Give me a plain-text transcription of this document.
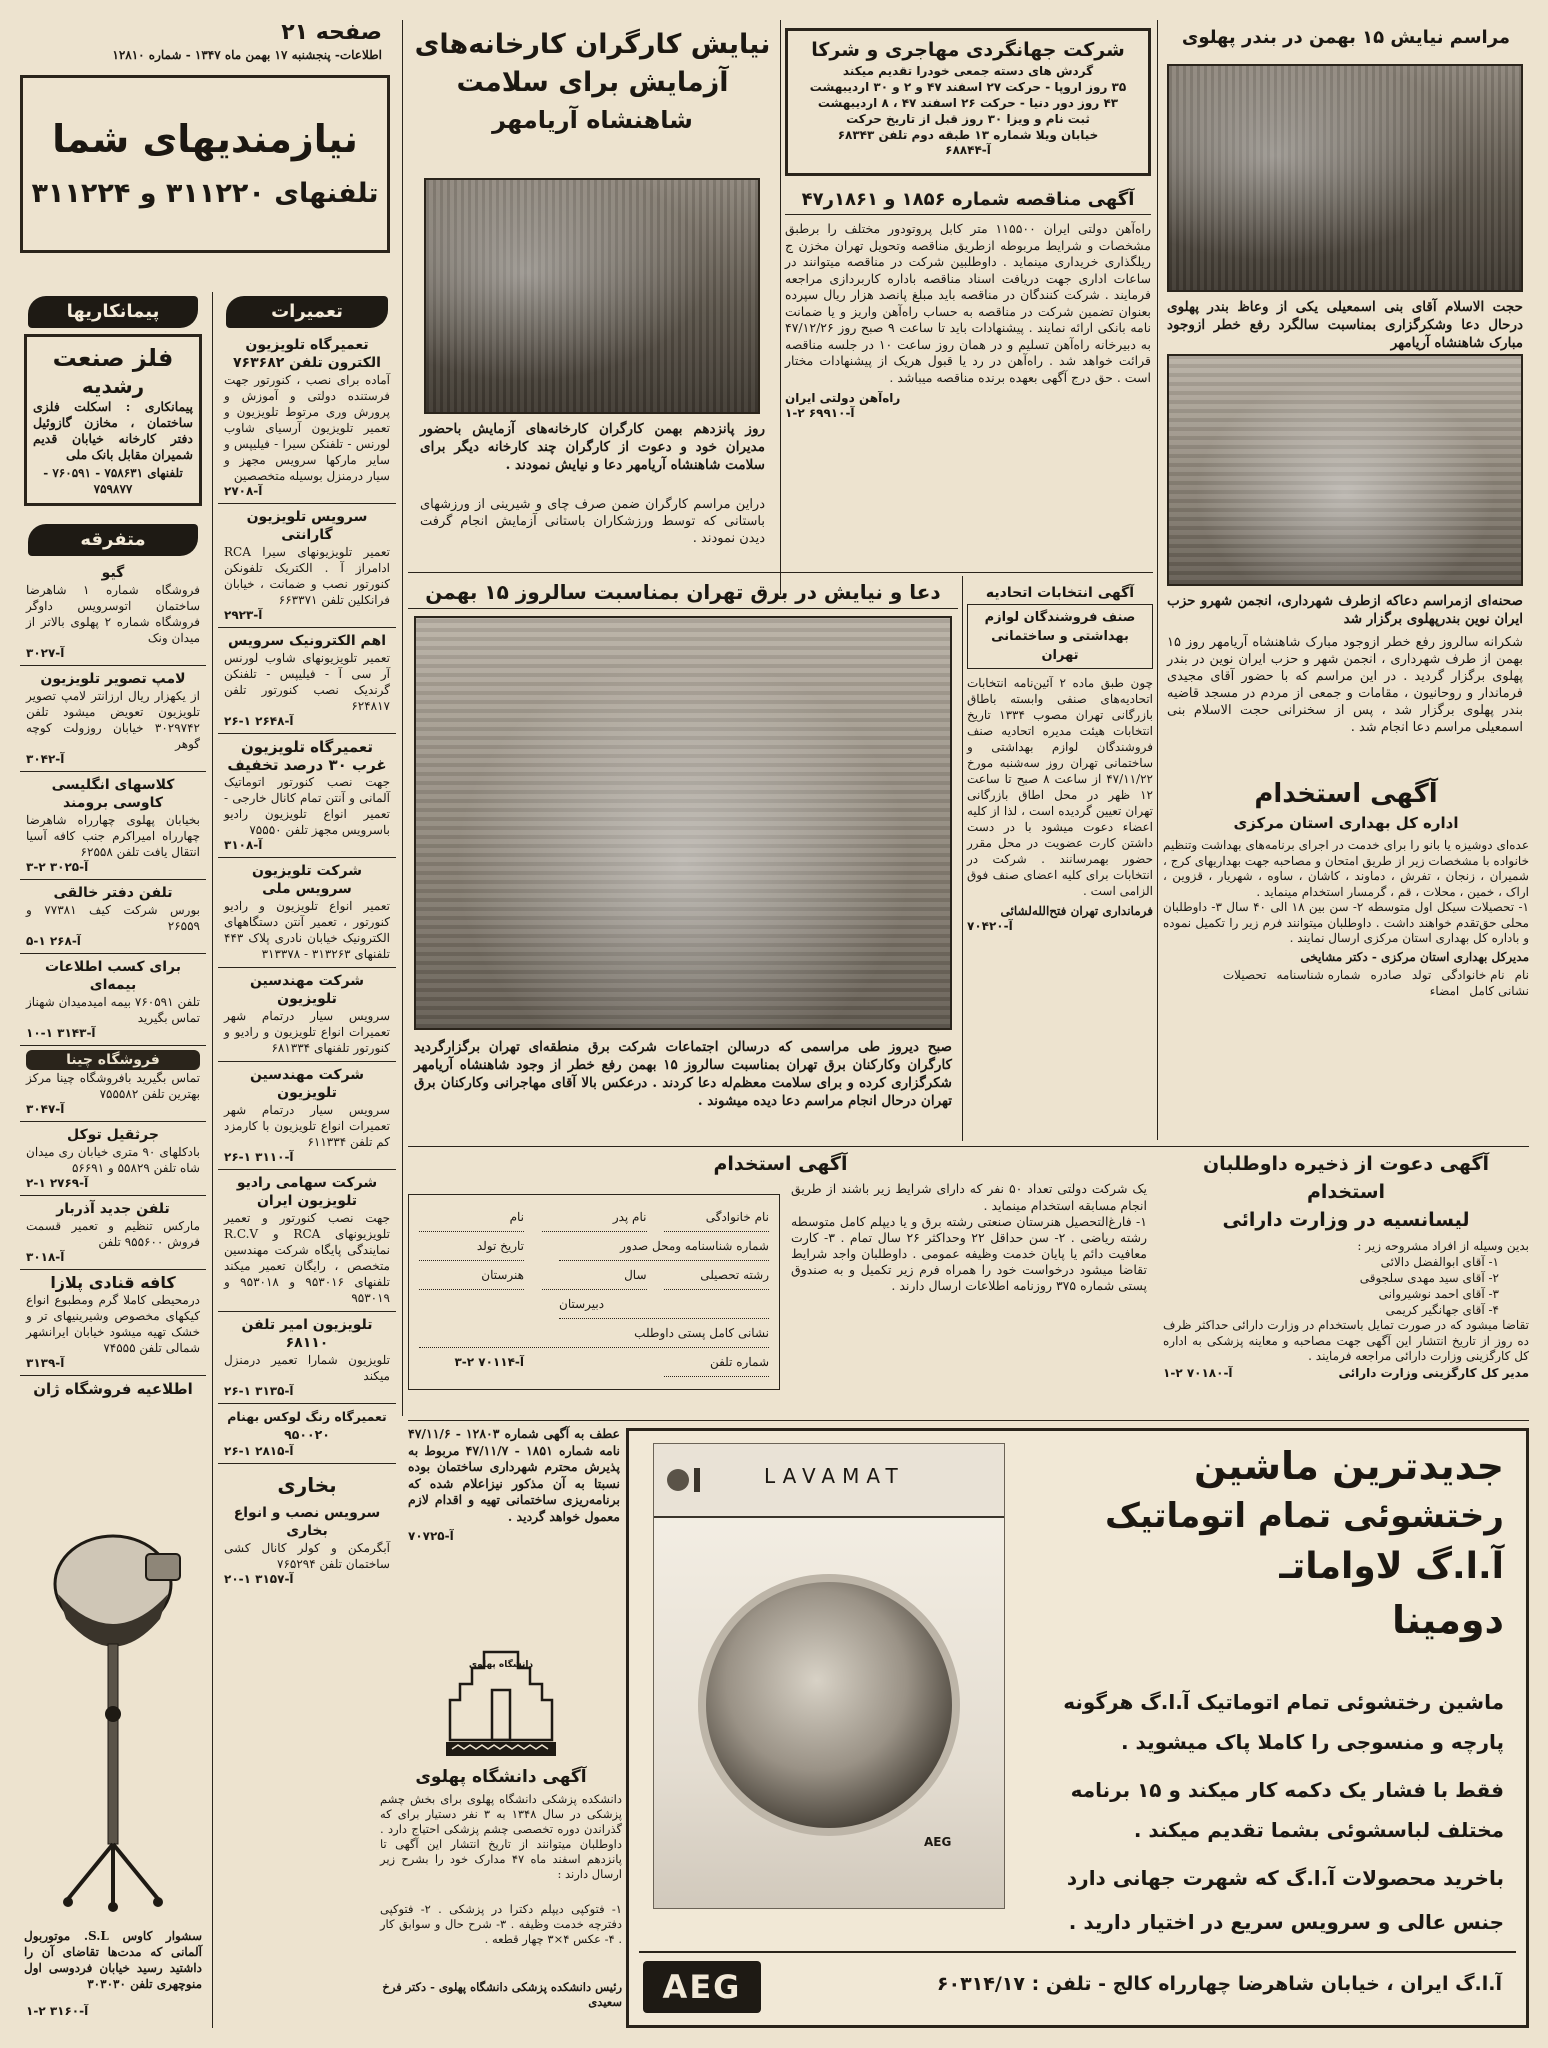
صفحه ۲۱
اطلاعات- پنجشنبه ۱۷ بهمن ماه ۱۳۴۷ - شماره ۱۲۸۱۰
نیازمندیهای شما
تلفنهای ۳۱۱۲۲۰ و ۳۱۱۲۲۴
پیمانکاریها
فلز صنعت
رشدیه
پیمانکاری : اسکلت فلزی ساختمان ، مخازن گازوئیل دفتر کارخانه خیابان قدیم شمیران مقابل بانک ملی
تلفنهای ۷۵۸۶۳۱ - ۷۶۰۵۹۱ - ۷۵۹۸۷۷
متفرقه
گیو
فروشگاه شماره ۱ شاهرضا ساختمان اتوسرویس داوگر فروشگاه شماره ۲ پهلوی بالاتر از میدان ونک
آ-۳۰۲۷
لامپ تصویر تلویزیون
از یکهزار ریال ارزانتر لامپ تصویر تلویزیون تعویض میشود تلفن ۳۰۲۹۷۴۲ خیابان روزولت کوچه گوهر
آ-۳۰۴۲
کلاسهای انگلیسی کاوسی برومند
بخیابان پهلوی چهارراه شاهرضا چهارراه امیراکرم جنب کافه آسیا انتقال یافت تلفن ۶۲۵۵۸
آ-۳۰۲۵ ۲-۳
تلفن دفتر خالقی
بورس شرکت کیف ۷۷۳۸۱ و ۲۶۵۵۹
آ-۲۶۸ ۱-۵
برای کسب اطلاعات بیمه‌ای
تلفن ۷۶۰۵۹۱ بیمه امیدمیدان شهناز تماس بگیرید
آ-۳۱۴۳ ۱-۱۰
فروشگاه چینا
تماس بگیرید بافروشگاه چینا مرکز بهترین تلفن ۷۵۵۵۸۲
آ-۳۰۴۷
جرثقیل توکل
بادکلهای ۹۰ متری خیابان ری میدان شاه تلفن ۵۵۸۲۹ و ۵۶۶۹۱
آ-۲۷۶۹ ۱-۲
تلفن جدید آذربار
مارکس تنظیم و تعمیر قسمت فروش ۹۵۵۶۰۰ تلفن
آ-۳۰۱۸
کافه قنادی پلازا
درمحیطی کاملا گرم ومطبوع انواع کیکهای مخصوص وشیرینیهای تر و خشک تهیه میشود خیابان ایرانشهر شمالی تلفن ۷۴۵۵۵
آ-۳۱۳۹
اطلاعیه فروشگاه ژان
سشوار کاوس S.L. موتوربول آلمانی که مدت‌ها تقاضای آن را داشتید رسید خیابان فردوسی اول منوچهری تلفن ۳۰۳۰۳۰
آ-۳۱۶۰ ۲-۱
تعمیرات
تعمیرگاه تلویزیون الکترون تلفن ۷۶۳۶۸۲
آماده برای نصب ، کنورتور جهت فرستنده دولتی و آموزش و پرورش وری مرتوط تلویزیون و تعمیر تلویزیون آرسیای شاوب لورنس - تلفنکن سیرا - فیلیپس و سایر مارکها سرویس مجهز و سیار درمنزل بوسیله متخصصین
آ-۲۷۰۸
سرویس تلویزیون گارانتی
تعمیر تلویزیونهای سیرا RCA ادامراز آ . الکتریک تلفونکن کنورتور نصب و ضمانت ، خیابان فرانکلین تلفن ۶۶۳۳۷۱
آ-۲۹۲۳
اهم الکترونیک سرویس
تعمیر تلویزیونهای شاوب لورنس آر سی آ - فیلیپس - تلفنکن گرندیک نصب کنورتور تلفن ۶۲۴۸۱۷
آ-۲۶۴۸ ۱-۲۶
تعمیرگاه تلویزیون غرب ۳۰ درصد تخفیف
جهت نصب کنورتور اتوماتیک آلمانی و آنتن تمام کانال خارجی - تعمیر انواع تلویزیون رادیو باسرویس مجهز تلفن ۷۵۵۵۰
آ-۳۱۰۸
شرکت تلویزیون سرویس ملی
تعمیر انواع تلویزیون و رادیو کنورتور ، تعمیر آنتن دستگاههای الکترونیک خیابان نادری پلاک ۴۴۳ تلفنهای ۳۱۳۲۶۳ - ۳۱۳۳۷۸
شرکت مهندسین تلویزیون
سرویس سیار درتمام شهر تعمیرات انواع تلویزیون و رادیو و کنورتور تلفنهای ۶۸۱۳۳۴
شرکت مهندسین تلویزیون
سرویس سیار درتمام شهر تعمیرات انواع تلویزیون با کارمزد کم تلفن ۶۱۱۳۳۴
آ-۳۱۱۰ ۱-۲۶
شرکت سهامی رادیو تلویزیون ایران
جهت نصب کنورتور و تعمیر تلویزیونهای RCA و R.C.V نمایندگی پایگاه شرکت مهندسین متخصص ، رایگان تعمیر میکند تلفنهای ۹۵۳۰۱۶ و ۹۵۳۰۱۸ و ۹۵۳۰۱۹
تلویزیون امیر تلفن ۶۸۱۱۰
تلویزیون شمارا تعمیر درمنزل میکند
آ-۳۱۳۵ ۱-۲۶
تعمیرگاه رنگ لوکس بهنام ۹۵۰۰۲۰
آ-۲۸۱۵ ۱-۲۶
بخاری
سرویس نصب و انواع بخاری
آبگرمکن و کولر کانال کشی ساختمان تلفن ۷۶۵۲۹۴
آ-۳۱۵۷ ۱-۲۰
نیایش کارگران کارخانه‌های
آزمایش برای سلامت
شاهنشاه آریامهر
روز پانزدهم بهمن کارگران کارخانه‌های آزمایش باحضور مدیران خود و دعوت از کارگران چند کارخانه دیگر برای سلامت شاهنشاه آریامهر دعا و نیایش نمودند .
دراین مراسم کارگران ضمن صرف چای و شیرینی از ورزشهای باستانی که توسط ورزشکاران باستانی آزمایش انجام گرفت دیدن نمودند .
شرکت جهانگردی مهاجری و شرکا
گردش های دسته جمعی خودرا تقدیم میکند
۳۵ روز اروپا - حرکت ۲۷ اسفند ۴۷ و ۲ و ۳۰ اردیبهشت
۴۳ روز دور دنیا - حرکت ۲۶ اسفند ۴۷ ، ۸ اردیبهشت
ثبت نام و ویزا ۳۰ روز قبل از تاریخ حرکت
خیابان ویلا شماره ۱۳ طبقه دوم تلفن ۶۸۳۴۳
آ-۶۸۸۴۴
آگهی مناقصه شماره ۱۸۵۶ و ۱۸۶۱ر۴۷
راه‌آهن دولتی ایران ۱۱۵۵۰۰ متر کابل پروتودور مختلف را برطبق مشخصات و شرایط مربوطه ازطریق مناقصه وتحویل تهران مخزن ج ریلگذاری خریداری مینماید . داوطلبین شرکت در مناقصه میتوانند در ساعات اداری جهت دریافت اسناد مناقصه باداره کاربردازی مراجعه فرمایند . شرکت کنندگان در مناقصه باید مبلغ پانصد هزار ریال سپرده بعنوان تضمین شرکت در مناقصه به حساب راه‌آهن واریز و یا ضمانت نامه بانکی ارائه نمایند . پیشنهادات باید تا ساعت ۹ صبح روز ۴۷/۱۲/۲۶ به دبیرخانه راه‌آهن تسلیم و در همان روز ساعت ۱۰ در جلسه مناقصه قرائت خواهد شد . راه‌آهن در رد یا قبول هریک از پیشنهادات مختار است . حق درج آگهی بعهده برنده مناقصه میباشد .
راه‌آهن دولتی ایران
آ-۶۹۹۱۰ ۲-۱
مراسم نیایش ۱۵ بهمن در بندر پهلوی
حجت الاسلام آقای بنی اسمعیلی یکی از وعاظ بندر پهلوی درحال دعا وشکرگزاری بمناسبت سالگرد رفع خطر ازوجود مبارک شاهنشاه آریامهر
صحنه‌ای ازمراسم دعاکه ازطرف شهرداری، انجمن شهرو حزب ایران نوین بندرپهلوی برگزار شد
شکرانه سالروز رفع خطر ازوجود مبارک شاهنشاه آریامهر روز ۱۵ بهمن از طرف شهرداری ، انجمن شهر و حزب ایران نوین در بندر پهلوی برگزار گردید . در این مراسم که با حضور آقای مجیدی فرماندار و روحانیون ، مقامات و جمعی از مردم در مسجد قاضیه بندر پهلوی برگزار شد ، پس از سخنرانی حجت الاسلام بنی اسمعیلی مراسم دعا انجام شد .
دعا و نیایش در برق تهران بمناسبت سالروز ۱۵ بهمن
صبح دیروز طی مراسمی که درسالن اجتماعات شرکت برق منطقه‌ای تهران برگزارگردید کارگران وکارکنان برق تهران بمناسبت سالروز ۱۵ بهمن رفع خطر از وجود شاهنشاه آریامهر شکرگزاری کرده و برای سلامت معظم‌له دعا کردند . درعکس بالا آقای مهاجرانی وکارکنان برق تهران درحال انجام مراسم دعا دیده میشوند .
آگهی انتخابات اتحادیه
صنف فروشندگان لوازم بهداشتی و ساختمانی تهران
چون طبق ماده ۲ آئین‌نامه انتخابات اتحادیه‌های صنفی وابسته باطاق بازرگانی تهران مصوب ۱۳۳۴ تاریخ انتخابات هیئت مدیره اتحادیه صنف فروشندگان لوازم بهداشتی و ساختمانی تهران روز سه‌شنبه مورخ ۴۷/۱۱/۲۲ از ساعت ۸ صبح تا ساعت ۱۲ ظهر در محل اطاق بازرگانی تهران تعیین گردیده است ، لذا از کلیه اعضاء دعوت میشود با در دست داشتن کارت عضویت در محل مقرر حضور بهمرسانند . شرکت در انتخابات برای کلیه اعضای صنف فوق الزامی است .
فرمانداری تهران فتح‌الله‌لشائی
آ-۷۰۴۲۰
آگهی استخدام
اداره کل بهداری استان مرکزی
عده‌ای دوشیزه یا بانو را برای خدمت در اجرای برنامه‌های بهداشت وتنظیم خانواده با مشخصات زیر از طریق امتحان و مصاحبه جهت بهداریهای کرج ، شمیران ، زنجان ، تفرش ، دماوند ، کاشان ، ساوه ، شهریار ، قزوین ، اراک ، خمین ، محلات ، قم ، گرمسار استخدام مینماید .
۱- تحصیلات سیکل اول متوسطه ۲- سن بین ۱۸ الی ۴۰ سال ۳- داوطلبان محلی حق‌تقدم خواهند داشت . داوطلبان میتوانند فرم زیر را تکمیل نموده و باداره کل بهداری استان مرکزی ارسال نمایند .
مدیرکل بهداری استان مرکزی - دکتر مشایخی
نام
نام خانوادگی
تولد
صادره
شماره شناسنامه
تحصیلات
نشانی کامل
امضاء
آگهی استخدام
یک شرکت دولتی تعداد ۵۰ نفر که دارای شرایط زیر باشند از طریق انجام مسابقه استخدام مینماید .
۱- فارغ‌التحصیل هنرستان صنعتی رشته برق و یا دیپلم کامل متوسطه رشته ریاضی . ۲- سن حداقل ۲۲ وحداکثر ۲۶ سال تمام . ۳- کارت معافیت دائم یا پایان خدمت وظیفه عمومی . داوطلبان واجد شرایط تقاضا میشود درخواست خود را همراه فرم زیر تکمیل و به صندوق پستی شماره ۳۷۵ روزنامه اطلاعات ارسال دارند .
نام خانوادگی
نام پدر
نام
شماره شناسنامه ومحل صدور
تاریخ تولد
رشته تحصیلی
سال
هنرستان
دبیرستان
نشانی کامل پستی داوطلب
شماره تلفن
آ-۷۰۱۱۴ ۲-۳
آگهی دعوت از ذخیره داوطلبان استخدام
لیسانسیه در وزارت دارائی
بدین وسیله از افراد مشروحه زیر :
۱- آقای ابوالفضل دالائی
۲- آقای سید مهدی سلجوقی
۳- آقای احمد نوشیروانی
۴- آقای جهانگیر کریمی
تقاضا میشود که در صورت تمایل باستخدام در وزارت دارائی حداکثر ظرف ده روز از تاریخ انتشار این آگهی جهت مصاحبه و معاینه پزشکی به اداره کل کارگزینی وزارت دارائی مراجعه فرمایند .
مدیر کل کارگزینی وزارت دارائی
آ-۷۰۱۸۰ ۲-۱
عطف به آگهی شماره ۱۲۸۰۳ - ۴۷/۱۱/۶ نامه شماره ۱۸۵۱ - ۴۷/۱۱/۷ مربوط به پذیرش محترم شهرداری ساختمان بوده نسبتا به آن مذکور نیزاعلام شده که برنامه‌ریزی ساختمانی تهیه و اقدام لازم معمول خواهد گردید .
آ-۷۰۷۲۵
دانشگاه پهلوی
آگهی دانشگاه پهلوی
دانشکده پزشکی دانشگاه پهلوی برای بخش چشم پزشکی در سال ۱۳۴۸ به ۳ نفر دستیار برای که گذراندن دوره تخصصی چشم پزشکی احتیاج دارد . داوطلبان میتوانند از تاریخ انتشار این آگهی تا پانزدهم اسفند ماه ۴۷ مدارک خود را بشرح زیر ارسال دارند :
۱- فتوکپی دیپلم دکترا در پزشکی . ۲- فتوکپی دفترچه خدمت وظیفه . ۳- شرح حال و سوابق کار . ۴- عکس ۴×۳ چهار قطعه .
رئیس دانشکده پزشکی دانشگاه پهلوی - دکتر فرخ سعیدی
LAVAMAT
AEG
جدیدترین ماشین
رختشوئی تمام اتوماتیک
آ.ا.گ لاواماتـ
دومینا
ماشین رختشوئی تمام اتوماتیک آ.ا.گ هرگونه
پارچه و منسوجی را کاملا پاک میشوید .
فقط با فشار یک دکمه کار میکند و ۱۵ برنامه
مختلف لباسشوئی بشما تقدیم میکند .
باخرید محصولات آ.ا.گ که شهرت جهانی دارد
جنس عالی و سرویس سریع در اختیار دارید .
آ.ا.گ ایران ، خیابان شاهرضا چهارراه کالج - تلفن : ۶۰۳۱۴/۱۷
AEG
